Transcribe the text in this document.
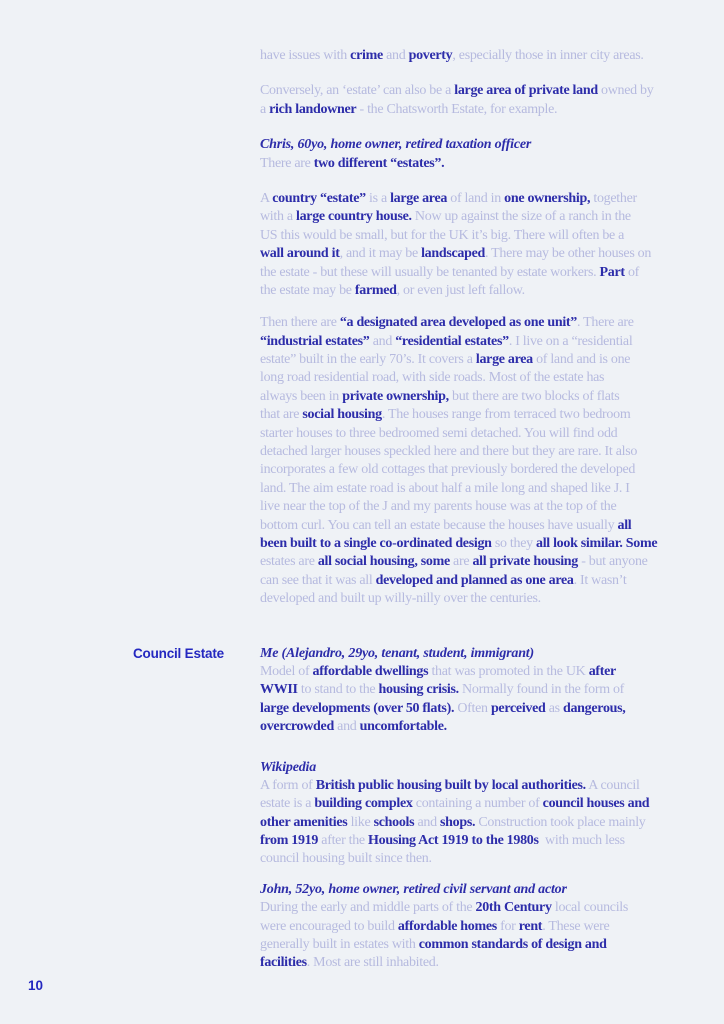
have issues with crime and poverty, especially those in inner city areas.
Conversely, an ‘estate’ can also be a large area of private land owned by
a rich landowner - the Chatsworth Estate, for example.
Chris, 60yo, home owner, retired taxation officer
There are two different “estates”.
A country “estate” is a large area of land in one ownership, together
with a large country house. Now up against the size of a ranch in the
US this would be small, but for the UK it’s big. There will often be a
wall around it, and it may be landscaped. There may be other houses on
the estate - but these will usually be tenanted by estate workers. Part of
the estate may be farmed, or even just left fallow.
Then there are “a designated area developed as one unit”. There are
“industrial estates” and “residential estates”. I live on a “residential
estate” built in the early 70’s. It covers a large area of land and is one
long road residential road, with side roads. Most of the estate has
always been in private ownership, but there are two blocks of flats
that are social housing. The houses range from terraced two bedroom
starter houses to three bedroomed semi detached. You will find odd
detached larger houses speckled here and there but they are rare. It also
incorporates a few old cottages that previously bordered the developed
land. The aim estate road is about half a mile long and shaped like J. I
live near the top of the J and my parents house was at the top of the
bottom curl. You can tell an estate because the houses have usually all
been built to a single co-ordinated design so they all look similar. Some
estates are all social housing, some are all private housing - but anyone
can see that it was all developed and planned as one area. It wasn’t
developed and built up willy-nilly over the centuries.
Council Estate	Me (Alejandro, 29yo, tenant, student, immigrant)
Model of affordable dwellings that was promoted in the UK after
WWII to stand to the housing crisis. Normally found in the form of
large developments (over 50 flats). Often perceived as dangerous,
overcrowded and uncomfortable.
Wikipedia
A form of British public housing built by local authorities. A council
estate is a building complex containing a number of council houses and
other amenities like schools and shops. Construction took place mainly
from 1919 after the Housing Act 1919 to the 1980s  with much less
council housing built since then.
John, 52yo, home owner, retired civil servant and actor
During the early and middle parts of the 20th Century local councils
were encouraged to build affordable homes for rent. These were
generally built in estates with common standards of design and
facilities. Most are still inhabited.
10
